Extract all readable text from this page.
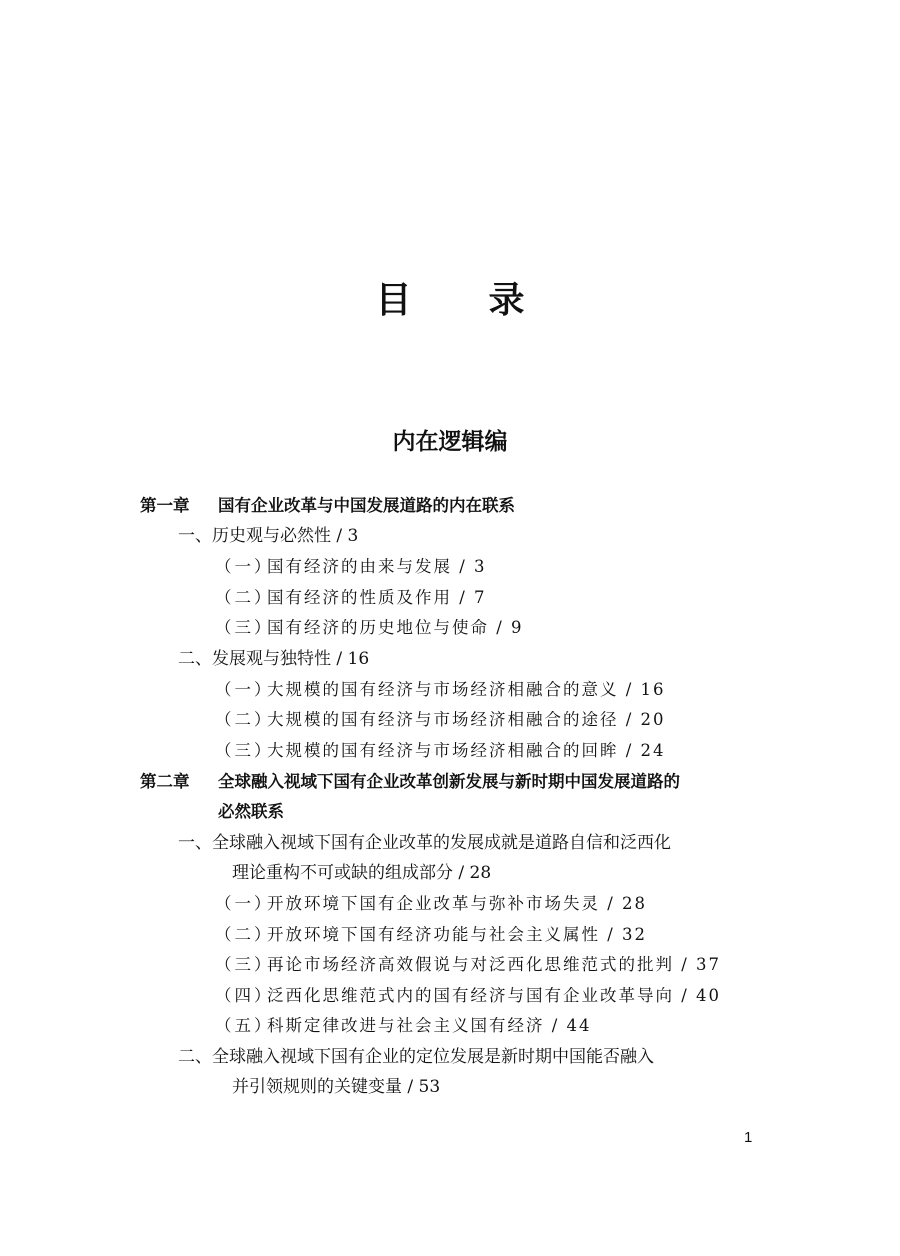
目 录
内在逻辑编
第一章 国有企业改革与中国发展道路的内在联系
一、历史观与必然性 / 3
（一）国有经济的由来与发展 / 3
（二）国有经济的性质及作用 / 7
（三）国有经济的历史地位与使命 / 9
二、发展观与独特性 / 16
（一）大规模的国有经济与市场经济相融合的意义 / 16
（二）大规模的国有经济与市场经济相融合的途径 / 20
（三）大规模的国有经济与市场经济相融合的回眸 / 24
第二章 全球融入视域下国有企业改革创新发展与新时期中国发展道路的
必然联系
一、全球融入视域下国有企业改革的发展成就是道路自信和泛西化
理论重构不可或缺的组成部分 / 28
（一）开放环境下国有企业改革与弥补市场失灵 / 28
（二）开放环境下国有经济功能与社会主义属性 / 32
（三）再论市场经济高效假说与对泛西化思维范式的批判 / 37
（四）泛西化思维范式内的国有经济与国有企业改革导向 / 40
（五）科斯定律改进与社会主义国有经济 / 44
二、全球融入视域下国有企业的定位发展是新时期中国能否融入
并引领规则的关键变量 / 53
1
